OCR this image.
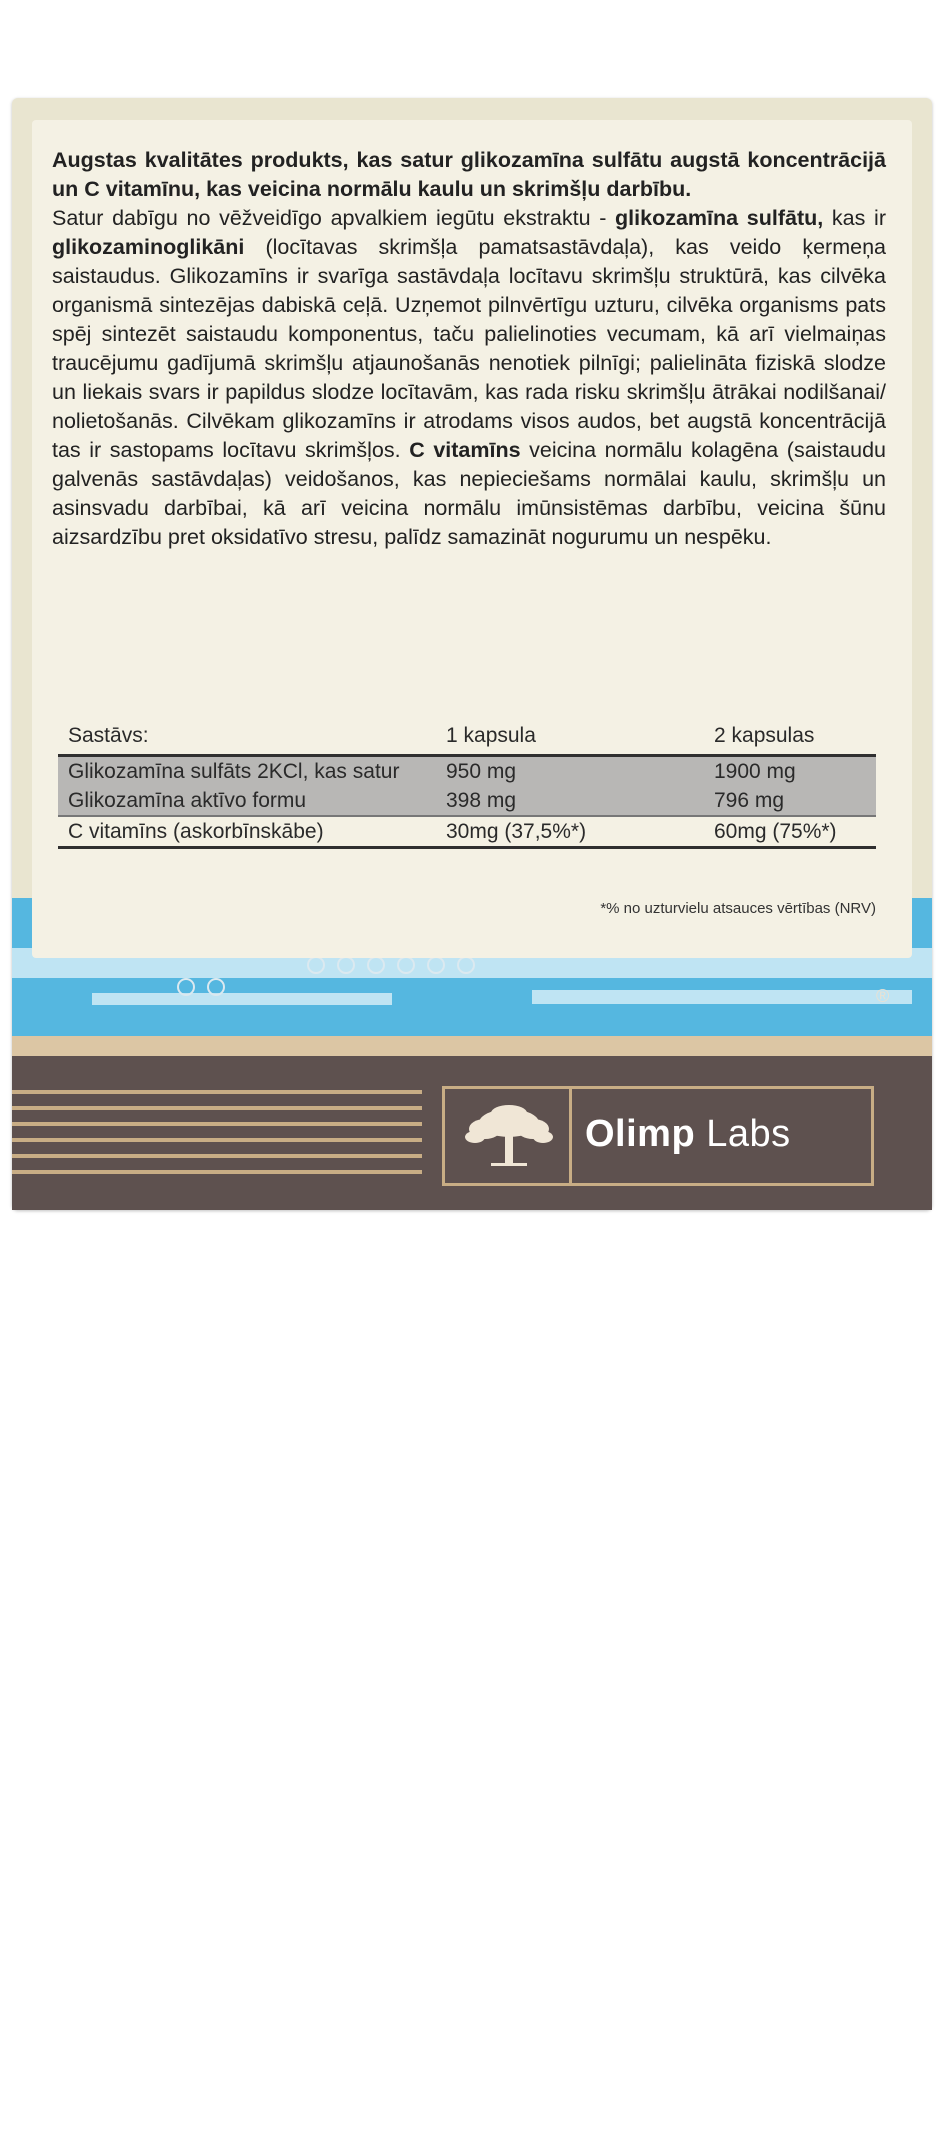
Augstas kvalitātes produkts, kas satur glikozamīna sulfātu augstā koncentrācijā un C vitamīnu, kas veicina normālu kaulu un skrimšļu darbību.
Satur dabīgu no vēžveidīgo apvalkiem iegūtu ekstraktu - glikozamīna sulfātu, kas ir glikozaminoglikāni (locītavas skrimšļa pamatsastāvdaļa), kas veido ķermeņa saistaudus. Glikozamīns ir svarīga sastāvdaļa locītavu skrimšļu struktūrā, kas cilvēka organismā sintezējas dabiskā ceļā. Uzņemot pilnvērtīgu uzturu, cilvēka organisms pats spēj sintezēt saistaudu komponentus, taču palielinoties vecumam, kā arī vielmaiņas traucējumu gadījumā skrimšļu atjaunošanās nenotiek pilnīgi; palielināta fiziskā slodze un liekais svars ir papildus slodze locītavām, kas rada risku skrimšļu ātrākai nodilšanai/ nolietošanās. Cilvēkam glikozamīns ir atrodams visos audos, bet augstā koncentrācijā tas ir sastopams locītavu skrimšļos. C vitamīns veicina normālu kolagēna (saistaudu galvenās sastāvdaļas) veidošanos, kas nepieciešams normālai kaulu, skrimšļu un asinsvadu darbībai, kā arī veicina normālu imūnsistēmas darbību, veicina šūnu aizsardzību pret oksidatīvo stresu, palīdz samazināt nogurumu un nespēku.
Sastāvs:	1 kapsula	2 kapsulas
Glikozamīna sulfāts 2KCl, kas satur	950 mg	1900 mg
Glikozamīna aktīvo formu	398 mg	796 mg
C vitamīns (askorbīnskābe)	30mg (37,5%*)	60mg (75%*)
*% no uzturvielu atsauces vērtības (NRV)
Internet-Aptieka.lv
Olimp Labs
®
